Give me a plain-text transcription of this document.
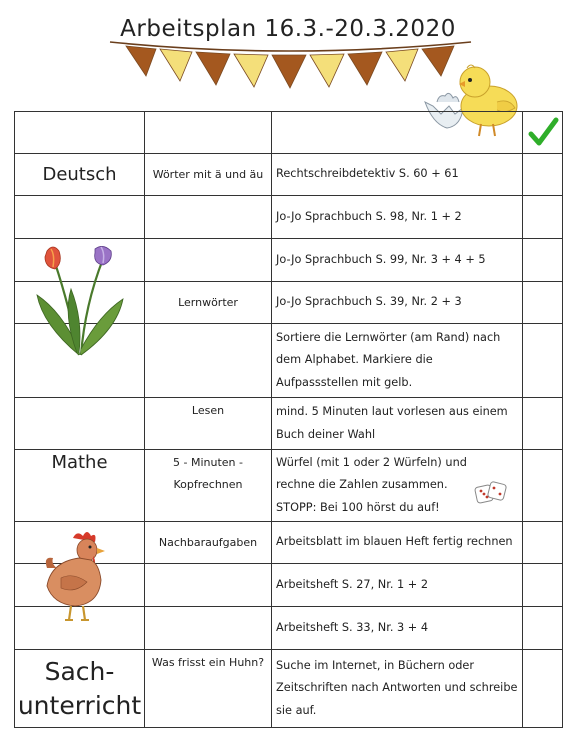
Arbeitsplan 16.3.-20.3.2020

Deutsch	Wörter mit ä und äu	Rechtschreibdetektiv S. 60 + 61	
		Jo-Jo Sprachbuch S. 98, Nr. 1 + 2	

		Jo-Jo Sprachbuch S. 99, Nr. 3 + 4 + 5	
	Lernwörter	Jo-Jo Sprachbuch S. 39, Nr. 2 + 3	
		Sortiere die Lernwörter (am Rand) nach dem Alphabet. Markiere die Aufpassstellen mit gelb.	
	Lesen	mind. 5 Minuten laut vorlesen aus einem Buch deiner Wahl	
Mathe	5 - Minuten - Kopfrechnen	Würfel (mit 1 oder 2 Würfeln) und rechne die Zahlen zusammen. STOPP: Bei 100 hörst du auf!	

	Nachbaraufgaben	Arbeitsblatt im blauen Heft fertig rechnen	
		Arbeitsheft S. 27, Nr. 1 + 2	
		Arbeitsheft S. 33, Nr. 3 + 4	
Sach- unterricht	Was frisst ein Huhn?	Suche im Internet, in Büchern oder Zeitschriften nach Antworten und schreibe sie auf.	
